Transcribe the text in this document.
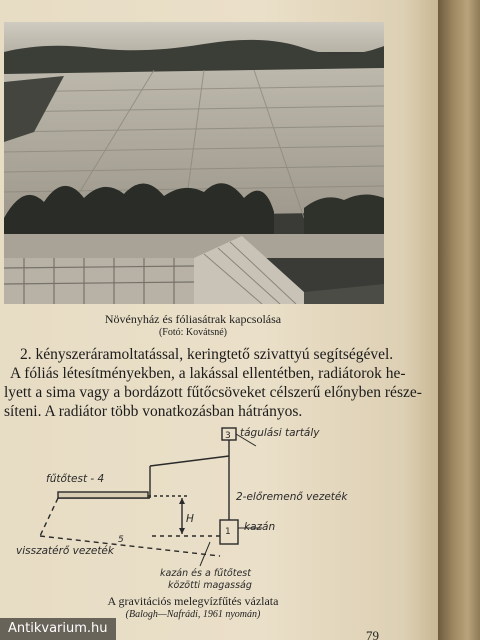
Növényház és fóliasátrak kapcsolása
(Fotó: Kovátsné)
2. kényszeráramoltatással, keringtető szivattyú segítségével.
A fóliás létesítményekben, a lakással ellentétben, radiátorok he-
lyett a sima vagy a bordázott fűtőcsöveket célszerű előnyben része-
síteni. A radiátor több vonatkozásban hátrányos.
3 tágulási tartály
fűtőtest - 4
2-előremenő vezeték
1 kazán
H
5
visszatérő vezeték
kazán és a fűtőtest
közötti magasság
A gravitációs melegvízfűtés vázlata
(Balogh—Nafrádi, 1961 nyomán)
79
Antikvarium.hu
